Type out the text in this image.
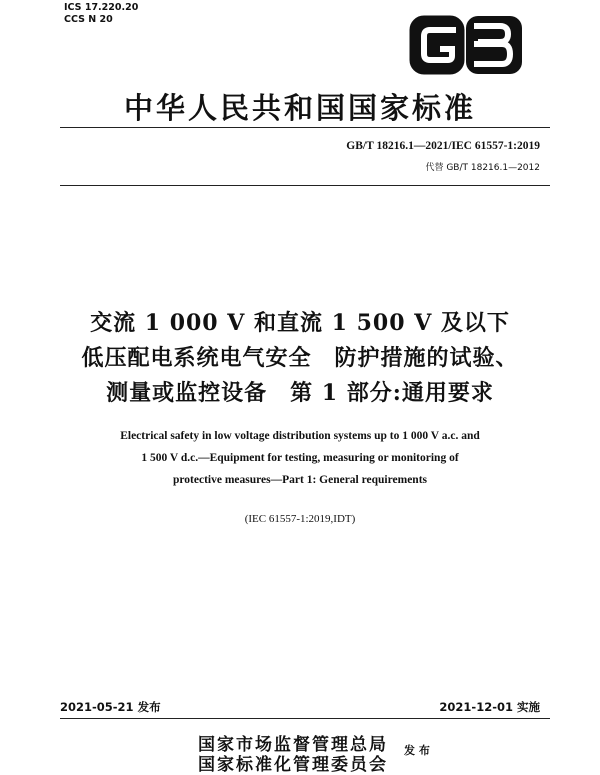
ICS 17.220.20
CCS N 20
中华人民共和国国家标准
GB/T 18216.1—2021/IEC 61557-1:2019
代替 GB/T 18216.1—2012
交流 1 000 V 和直流 1 500 V 及以下
低压配电系统电气安全　防护措施的试验、
测量或监控设备　第 1 部分:通用要求
Electrical safety in low voltage distribution systems up to 1 000 V a.c. and
1 500 V d.c.—Equipment for testing, measuring or monitoring of
protective measures—Part 1: General requirements
(IEC 61557-1:2019,IDT)
2021-05-21 发布	2021-12-01 实施
国家市场监督管理总局
国家标准化管理委员会
发 布
